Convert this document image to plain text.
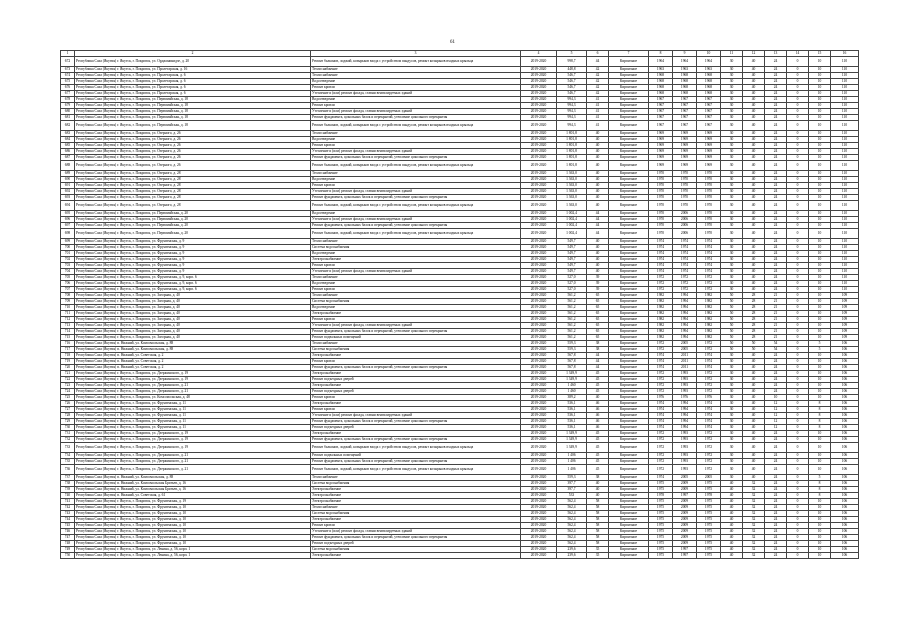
61
1	2	3	4	5	6	7	8	9	10	11	12	13	14	15	16
672	Республика Саха (Якутия) г. Якутск, г. Покровск, ул. Орджоникидзе, д. 20	Ремонт балконов, лоджий, козырьков входа с устройством пандусов, ремонт козырьков входных крыльца	2019-2020	998,7	44	Кирпичное	1964	1964	1964	30	40	24	0	10	110
673	Республика Саха (Якутия) г. Якутск, г. Покровск, ул. Пролетарская, д. 16	Теплоснабжение	2019-2020	448,8	42	Кирпичное	1963	1963	1963	30	40	24	0	10	110
674	Республика Саха (Якутия) г. Якутск, г. Покровск, ул. Пролетарская, д. 6	Теплоснабжение	2019-2020	546,7	42	Кирпичное	1968	1968	1968	30	40	24	0	10	110
675	Республика Саха (Якутия) г. Якутск, г. Покровск, ул. Пролетарская, д. 6	Водоотведение	2019-2020	546,7	42	Кирпичное	1968	1968	1968	30	40	24	0	10	110
676	Республика Саха (Якутия) г. Якутск, г. Покровск, ул. Пролетарская, д. 6	Ремонт кровли	2019-2020	546,7	42	Кирпичное	1968	1968	1968	30	40	24	0	10	110
677	Республика Саха (Якутия) г. Якутск, г. Покровск, ул. Пролетарская, д. 6	Утепление и (или) ремонт фасада, ставни вентилируемых зданий	2019-2020	546,7	42	Кирпичное	1968	1968	1968	30	40	24	0	10	110
678	Республика Саха (Якутия) г. Якутск, г. Покровск, ул. Первомайская, д. 18	Водоотведение	2019-2020	994,3	41	Кирпичное	1967	1967	1967	30	40	24	0	10	110
679	Республика Саха (Якутия) г. Якутск, г. Покровск, ул. Первомайская, д. 18	Ремонт кровли	2019-2020	994,3	41	Кирпичное	1967	1967	1967	30	40	24	0	10	110
680	Республика Саха (Якутия) г. Якутск, г. Покровск, ул. Первомайская, д. 18	Утепление и (или) ремонт фасада, ставни вентилируемых зданий	2019-2020	994,3	41	Кирпичное	1967	1967	1967	30	40	24	0	10	110
681	Республика Саха (Якутия) г. Якутск, г. Покровск, ул. Первомайская, д. 18	Ремонт фундамента, цокольных балок и перекрытий, утепление цокольного перекрытия	2019-2020	994,3	41	Кирпичное	1967	1967	1967	30	40	24	0	10	110
682	Республика Саха (Якутия) г. Якутск, г. Покровск, ул. Первомайская, д. 18	Ремонт балконов, лоджий, козырьков входа с устройством пандусов, ремонт козырьков входных крыльца	2019-2020	994,3	41	Кирпичное	1967	1967	1967	30	40	24	0	10	110
683	Республика Саха (Якутия) г. Якутск, г. Покровск, ул. Озерного, д. 26	Теплоснабжение	2019-2020	1 801,8	40	Кирпичное	1969	1969	1969	30	40	24	0	10	110
684	Республика Саха (Якутия) г. Якутск, г. Покровск, ул. Озерного, д. 26	Водоотведение	2019-2020	1 801,8	40	Кирпичное	1969	1969	1969	30	40	24	0	10	110
685	Республика Саха (Якутия) г. Якутск, г. Покровск, ул. Озерного, д. 26	Ремонт кровли	2019-2020	1 801,8	40	Кирпичное	1969	1969	1969	30	40	24	0	10	110
686	Республика Саха (Якутия) г. Якутск, г. Покровск, ул. Озерного, д. 26	Утепление и (или) ремонт фасада, ставни вентилируемых зданий	2019-2020	1 801,8	40	Кирпичное	1969	1969	1969	30	40	24	0	10	110
687	Республика Саха (Якутия) г. Якутск, г. Покровск, ул. Озерного, д. 26	Ремонт фундамента, цокольных балок и перекрытий, утепление цокольного перекрытия	2019-2020	1 801,8	40	Кирпичное	1969	1969	1969	30	40	24	0	10	110
688	Республика Саха (Якутия) г. Якутск, г. Покровск, ул. Озерного, д. 26	Ремонт балконов, лоджий, козырьков входа с устройством пандусов, ремонт козырьков входных крыльца	2019-2020	1 801,8	40	Кирпичное	1969	1969	1969	30	40	24	0	10	110
689	Республика Саха (Якутия) г. Якутск, г. Покровск, ул. Озерного, д. 28	Теплоснабжение	2019-2020	1 363,0	40	Кирпичное	1970	1970	1970	30	40	24	0	10	110
690	Республика Саха (Якутия) г. Якутск, г. Покровск, ул. Озерного, д. 28	Водоотведение	2019-2020	1 363,0	40	Кирпичное	1970	1970	1970	30	40	24	0	10	110
691	Республика Саха (Якутия) г. Якутск, г. Покровск, ул. Озерного, д. 28	Ремонт кровли	2019-2020	1 363,0	40	Кирпичное	1970	1970	1970	30	40	24	0	10	110
692	Республика Саха (Якутия) г. Якутск, г. Покровск, ул. Озерного, д. 28	Утепление и (или) ремонт фасада, ставни вентилируемых зданий	2019-2020	1 363,0	40	Кирпичное	1970	1970	1970	30	40	24	0	10	110
693	Республика Саха (Якутия) г. Якутск, г. Покровск, ул. Озерного, д. 28	Ремонт фундамента, цокольных балок и перекрытий, утепление цокольного перекрытия	2019-2020	1 363,0	40	Кирпичное	1970	1970	1970	30	40	24	0	10	110
694	Республика Саха (Якутия) г. Якутск, г. Покровск, ул. Озерного, д. 28	Ремонт балконов, лоджий, козырьков входа с устройством пандусов, ремонт козырьков входных крыльца	2019-2020	1 363,0	40	Кирпичное	1970	1970	1970	30	40	24	0	10	110
695	Республика Саха (Якутия) г. Якутск, г. Покровск, ул. Первомайская, д. 20	Водоотведение	2019-2020	1 002,4	44	Кирпичное	1970	2006	1970	30	40	24	0	10	110
696	Республика Саха (Якутия) г. Якутск, г. Покровск, ул. Первомайская, д. 20	Утепление и (или) ремонт фасада, ставни вентилируемых зданий	2019-2020	1 002,4	44	Кирпичное	1970	2006	1970	30	40	24	0	10	110
697	Республика Саха (Якутия) г. Якутск, г. Покровск, ул. Первомайская, д. 20	Ремонт фундамента, цокольных балок и перекрытий, утепление цокольного перекрытия	2019-2020	1 002,4	44	Кирпичное	1970	2006	1970	30	40	24	0	10	110
698	Республика Саха (Якутия) г. Якутск, г. Покровск, ул. Первомайская, д. 20	Ремонт балконов, лоджий, козырьков входа с устройством пандусов, ремонт козырьков входных крыльца	2019-2020	1 002,4	44	Кирпичное	1970	2006	1970	30	40	24	0	10	110
699	Республика Саха (Якутия) г. Якутск, г. Покровск, ул. Фрунзенская, д. 9	Теплоснабжение	2019-2020	549,7	40	Кирпичное	1974	1974	1974	30	40	24	0	10	110
700	Республика Саха (Якутия) г. Якутск, г. Покровск, ул. Фрунзенская, д. 9	Система водоснабжения	2019-2020	549,7	40	Кирпичное	1974	1974	1974	30	40	24	0	10	110
701	Республика Саха (Якутия) г. Якутск, г. Покровск, ул. Фрунзенская, д. 9	Водоотведение	2019-2020	549,7	40	Кирпичное	1974	1974	1974	30	40	24	0	10	110
702	Республика Саха (Якутия) г. Якутск, г. Покровск, ул. Фрунзенская, д. 9	Электроснабжение	2019-2020	549,7	40	Кирпичное	1974	1974	1974	30	40	24	0	10	110
703	Республика Саха (Якутия) г. Якутск, г. Покровск, ул. Фрунзенская, д. 9	Ремонт кровли	2019-2020	549,7	40	Кирпичное	1974	1974	1974	30	40	24	0	10	110
704	Республика Саха (Якутия) г. Якутск, г. Покровск, ул. Фрунзенская, д. 9	Утепление и (или) ремонт фасада, ставни вентилируемых зданий	2019-2020	549,7	40	Кирпичное	1974	1974	1974	30	40	24	0	10	110
705	Республика Саха (Якутия) г. Якутск, г. Покровск, ул. Фрунзенская, д. 9, корп. 6	Теплоснабжение	2019-2020	527,0	39	Кирпичное	1972	1972	1972	30	40	24	0	10	110
706	Республика Саха (Якутия) г. Якутск, г. Покровск, ул. Фрунзенская, д. 9, корп. 6	Водоотведение	2019-2020	527,0	39	Кирпичное	1972	1972	1972	30	40	24	0	10	110
707	Республика Саха (Якутия) г. Якутск, г. Покровск, ул. Фрунзенская, д. 9, корп. 6	Ремонт кровли	2019-2020	527,0	39	Кирпичное	1972	1972	1972	30	40	24	0	10	110
708	Республика Саха (Якутия) г. Якутск, г. Покровск, ул. Загорная, д. 40	Теплоснабжение	2019-2020	561,2	65	Кирпичное	1982	1994	1982	50	28	21	0	10	109
709	Республика Саха (Якутия) г. Якутск, г. Покровск, ул. Загорная, д. 40	Система водоснабжения	2019-2020	561,2	65	Кирпичное	1982	1994	1982	50	28	21	0	10	109
710	Республика Саха (Якутия) г. Якутск, г. Покровск, ул. Загорная, д. 40	Водоотведение	2019-2020	561,2	65	Кирпичное	1982	1994	1982	50	28	21	0	10	109
711	Республика Саха (Якутия) г. Якутск, г. Покровск, ул. Загорная, д. 40	Электроснабжение	2019-2020	561,2	65	Кирпичное	1982	1994	1982	50	28	21	0	10	109
712	Республика Саха (Якутия) г. Якутск, г. Покровск, ул. Загорная, д. 40	Ремонт кровли	2019-2020	561,2	65	Кирпичное	1982	1994	1982	50	28	21	0	10	109
713	Республика Саха (Якутия) г. Якутск, г. Покровск, ул. Загорная, д. 40	Утепление и (или) ремонт фасада, ставни вентилируемых зданий	2019-2020	561,2	65	Кирпичное	1982	1994	1982	50	28	21	0	10	109
714	Республика Саха (Якутия) г. Якутск, г. Покровск, ул. Загорная, д. 40	Ремонт фундамента, цокольных балок и перекрытий, утепление цокольного перекрытия	2019-2020	561,2	65	Кирпичное	1982	1994	1982	50	28	21	0	10	109
715	Республика Саха (Якутия) г. Якутск, г. Покровск, ул. Загорная, д. 40	Ремонт подвальных помещений	2019-2020	561,2	65	Кирпичное	1982	1994	1982	50	28	21	0	10	109
716	Республика Саха (Якутия) п. Нижний, ул. Комсомольская, д. 88	Теплоснабжение	2019-2020	559,3	38	Кирпичное	1972	2005	1972	50	50	54	0	5	106
717	Республика Саха (Якутия) п. Нижний, ул. Комсомольская, д. 88	Система водоснабжения	2019-2020	559,3	38	Кирпичное	1972	2005	1972	50	50	54	0	5	106
718	Республика Саха (Якутия) п. Нижний, ул. Советская, д. 2	Электроснабжение	2019-2020	567,8	44	Кирпичное	1974	2011	1974	30	40	24	0	10	106
719	Республика Саха (Якутия) п. Нижний, ул. Советская, д. 2	Ремонт кровли	2019-2020	567,8	44	Кирпичное	1974	2011	1974	30	40	24	0	10	106
720	Республика Саха (Якутия) п. Нижний, ул. Советская, д. 2	Ремонт фундамента, цокольных балок и перекрытий, утепление цокольного перекрытия	2019-2020	567,8	44	Кирпичное	1974	2011	1974	30	40	24	0	10	106
721	Республика Саха (Якутия) г. Якутск, г. Покровск, ул. Дзержинского, д. 19	Электроснабжение	2019-2020	1 349,9	45	Кирпичное	1972	1993	1972	30	40	24	0	10	106
722	Республика Саха (Якутия) г. Якутск, г. Покровск, ул. Дзержинского, д. 19	Ремонт подъездных дверей	2019-2020	1 349,9	45	Кирпичное	1972	1993	1972	30	40	24	0	10	106
723	Республика Саха (Якутия) г. Якутск, г. Покровск, ул. Дзержинского, д. 21	Электроснабжение	2019-2020	1 460	45	Кирпичное	1972	1993	1972	30	40	24	0	10	106
724	Республика Саха (Якутия) г. Якутск, г. Покровск, ул. Дзержинского, д. 21	Ремонт подъездных дверей	2019-2020	1 460	45	Кирпичное	1972	1993	1972	30	40	24	0	10	106
725	Республика Саха (Якутия) г. Якутск, г. Покровск, ул. Комсомольская, д. 48	Ремонт кровли	2019-2020	389,2	40	Кирпичное	1976	1976	1976	30	40	10	0	10	106
726	Республика Саха (Якутия) г. Якутск, г. Покровск, ул. Фрунзенская, д. 11	Электроснабжение	2019-2020	536,1	46	Кирпичное	1974	1994	1974	30	40	12	0	8	106
727	Республика Саха (Якутия) г. Якутск, г. Покровск, ул. Фрунзенская, д. 11	Ремонт кровли	2019-2020	536,1	46	Кирпичное	1974	1994	1974	30	40	12	0	8	106
728	Республика Саха (Якутия) г. Якутск, г. Покровск, ул. Фрунзенская, д. 11	Утепление и (или) ремонт фасада, ставни вентилируемых зданий	2019-2020	536,1	46	Кирпичное	1974	1994	1974	30	40	12	0	8	106
729	Республика Саха (Якутия) г. Якутск, г. Покровск, ул. Фрунзенская, д. 11	Ремонт фундамента, цокольных балок и перекрытий, утепление цокольного перекрытия	2019-2020	536,1	46	Кирпичное	1974	1994	1974	30	40	12	0	8	106
730	Республика Саха (Якутия) г. Якутск, г. Покровск, ул. Фрунзенская, д. 11	Ремонт подъездных дверей	2019-2020	536,1	46	Кирпичное	1974	1994	1974	30	40	12	0	8	106
731	Республика Саха (Якутия) г. Якутск, г. Покровск, ул. Дзержинского, д. 19	Электроснабжение	2019-2020	1 349,9	45	Кирпичное	1972	1993	1972	30	40	24	0	10	106
732	Республика Саха (Якутия) г. Якутск, г. Покровск, ул. Дзержинского, д. 19	Ремонт фундамента, цокольных балок и перекрытий, утепление цокольного перекрытия	2019-2020	1 349,9	45	Кирпичное	1972	1993	1972	30	40	24	0	10	106
733	Республика Саха (Якутия) г. Якутск, г. Покровск, ул. Дзержинского, д. 19	Ремонт балконов, лоджий, козырьков входа с устройством пандусов, ремонт козырьков входных крыльца	2019-2020	1 349,9	45	Кирпичное	1972	1993	1972	30	40	24	0	10	106
734	Республика Саха (Якутия) г. Якутск, г. Покровск, ул. Дзержинского, д. 21	Ремонт подвальных помещений	2019-2020	1 406	45	Кирпичное	1972	1993	1972	30	40	24	0	10	106
735	Республика Саха (Якутия) г. Якутск, г. Покровск, ул. Дзержинского, д. 21	Ремонт фундамента, цокольных балок и перекрытий, утепление цокольного перекрытия	2019-2020	1 406	45	Кирпичное	1972	1993	1972	30	40	24	0	10	106
736	Республика Саха (Якутия) г. Якутск, г. Покровск, ул. Дзержинского, д. 21	Ремонт балконов, лоджий, козырьков входа с устройством пандусов, ремонт козырьков входных крыльца	2019-2020	1 406	45	Кирпичное	1972	1993	1972	30	40	24	0	10	106
737	Республика Саха (Якутия) п. Нижний, ул. Комсомольская, д. 88	Теплоснабжение	2019-2020	559,3	38	Кирпичное	1974	2005	2005	30	40	24	0	5	106
738	Республика Саха (Якутия) п. Нижний, ул. Комсомольская Братьев, д. 16	Система водоснабжения	2019-2020	397,7	40	Кирпичное	1975	2009	1975	40	32	24	0	8	106
739	Республика Саха (Якутия) п. Нижний, ул. Комсомольская Братьев, д. 16	Электроснабжение	2019-2020	397,7	40	Кирпичное	1975	2009	1975	40	32	24	0	8	106
740	Республика Саха (Якутия) п. Нижний, ул. Советская, д. 61	Электроснабжение	2019-2020	533	40	Кирпичное	1978	1997	1978	40	32	24	0	8	106
741	Республика Саха (Якутия) г. Якутск, г. Покровск, ул. Фрунзенская, д. 19	Электроснабжение	2019-2020	562,4	58	Кирпичное	1975	2009	1975	40	32	24	0	10	106
742	Республика Саха (Якутия) г. Якутск, г. Покровск, ул. Фрунзенская, д. 10	Теплоснабжение	2019-2020	562,4	58	Кирпичное	1975	2009	1975	40	32	24	0	10	106
743	Республика Саха (Якутия) г. Якутск, г. Покровск, ул. Фрунзенская, д. 10	Система водоснабжения	2019-2020	562,4	58	Кирпичное	1975	2009	1975	40	32	24	0	10	106
744	Республика Саха (Якутия) г. Якутск, г. Покровск, ул. Фрунзенская, д. 10	Электроснабжение	2019-2020	562,4	58	Кирпичное	1975	2009	1975	40	32	24	0	10	106
745	Республика Саха (Якутия) г. Якутск, г. Покровск, ул. Фрунзенская, д. 10	Ремонт кровли	2019-2020	562,4	58	Кирпичное	1975	2009	1975	40	32	24	0	10	106
746	Республика Саха (Якутия) г. Якутск, г. Покровск, ул. Фрунзенская, д. 10	Утепление и (или) ремонт фасада, ставни вентилируемых зданий	2019-2020	562,4	58	Кирпичное	1975	2009	1975	40	32	24	0	10	106
747	Республика Саха (Якутия) г. Якутск, г. Покровск, ул. Фрунзенская, д. 10	Ремонт фундамента, цокольных балок и перекрытий, утепление цокольного перекрытия	2019-2020	562,4	58	Кирпичное	1975	2009	1975	40	32	24	0	10	106
748	Республика Саха (Якутия) г. Якутск, г. Покровск, ул. Фрунзенская, д. 10	Ремонт подъездных дверей	2019-2020	562,4	58	Кирпичное	1975	2009	1975	40	32	24	0	10	106
749	Республика Саха (Якутия) г. Якутск, г. Покровск, ул. Ленина, д. 56, корп. 1	Система водоснабжения	2019-2020	239,6	35	Кирпичное	1975	1997	1975	40	32	24	0	10	106
750	Республика Саха (Якутия) г. Якутск, г. Покровск, ул. Ленина, д. 56, корп. 1	Электроснабжение	2019-2020	239,6	35	Кирпичное	1975	1997	1975	40	32	24	0	10	106
